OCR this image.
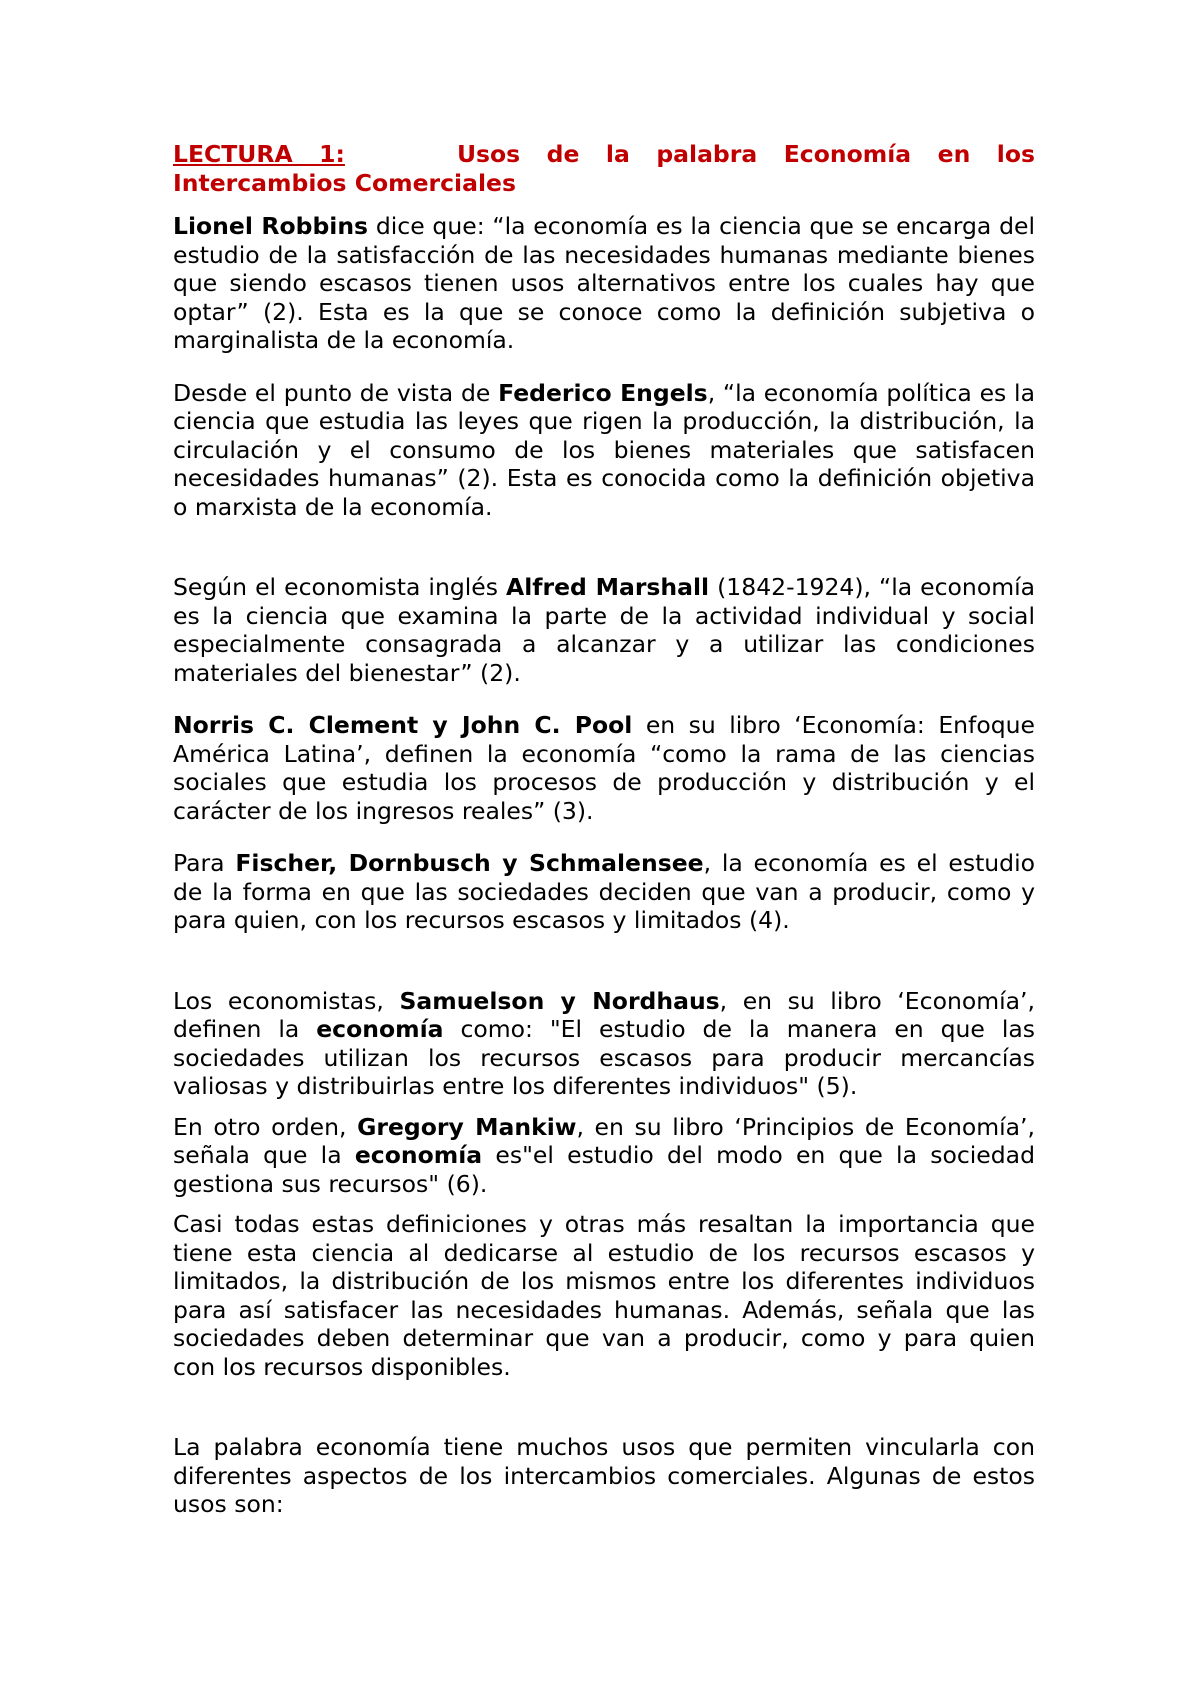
LECTURA 1:	Usos de la palabra Economía en los Intercambios Comerciales

Lionel Robbins dice que: “la economía es la ciencia que se encarga del estudio de la satisfacción de las necesidades humanas mediante bienes que siendo escasos tienen usos alternativos entre los cuales hay que optar” (2). Esta es la que se conoce como la definición subjetiva o marginalista de la economía.

Desde el punto de vista de Federico Engels, “la economía política es la ciencia que estudia las leyes que rigen la producción, la distribución, la circulación y el consumo de los bienes materiales que satisfacen necesidades humanas” (2). Esta es conocida como la definición objetiva o marxista de la economía.

Según el economista inglés Alfred Marshall (1842-1924), “la economía es la ciencia que examina la parte de la actividad individual y social especialmente consagrada a alcanzar y a utilizar las condiciones materiales del bienestar” (2).

Norris C. Clement y John C. Pool en su libro ‘Economía: Enfoque América Latina’, definen la economía “como la rama de las ciencias sociales que estudia los procesos de producción y distribución y el carácter de los ingresos reales” (3).

Para Fischer, Dornbusch y Schmalensee, la economía es el estudio de la forma en que las sociedades deciden que van a producir, como y para quien, con los recursos escasos y limitados (4).

Los economistas, Samuelson y Nordhaus, en su libro ‘Economía’, definen la economía como: "El estudio de la manera en que las sociedades utilizan los recursos escasos para producir mercancías valiosas y distribuirlas entre los diferentes individuos" (5).

En otro orden, Gregory Mankiw, en su libro ‘Principios de Economía’, señala que la economía es"el estudio del modo en que la sociedad gestiona sus recursos" (6).

Casi todas estas definiciones y otras más resaltan la importancia que tiene esta ciencia al dedicarse al estudio de los recursos escasos y limitados, la distribución de los mismos entre los diferentes individuos para así satisfacer las necesidades humanas. Además, señala que las sociedades deben determinar que van a producir, como y para quien con los recursos disponibles.

La palabra economía tiene muchos usos que permiten vincularla con diferentes aspectos de los intercambios comerciales. Algunas de estos usos son:
